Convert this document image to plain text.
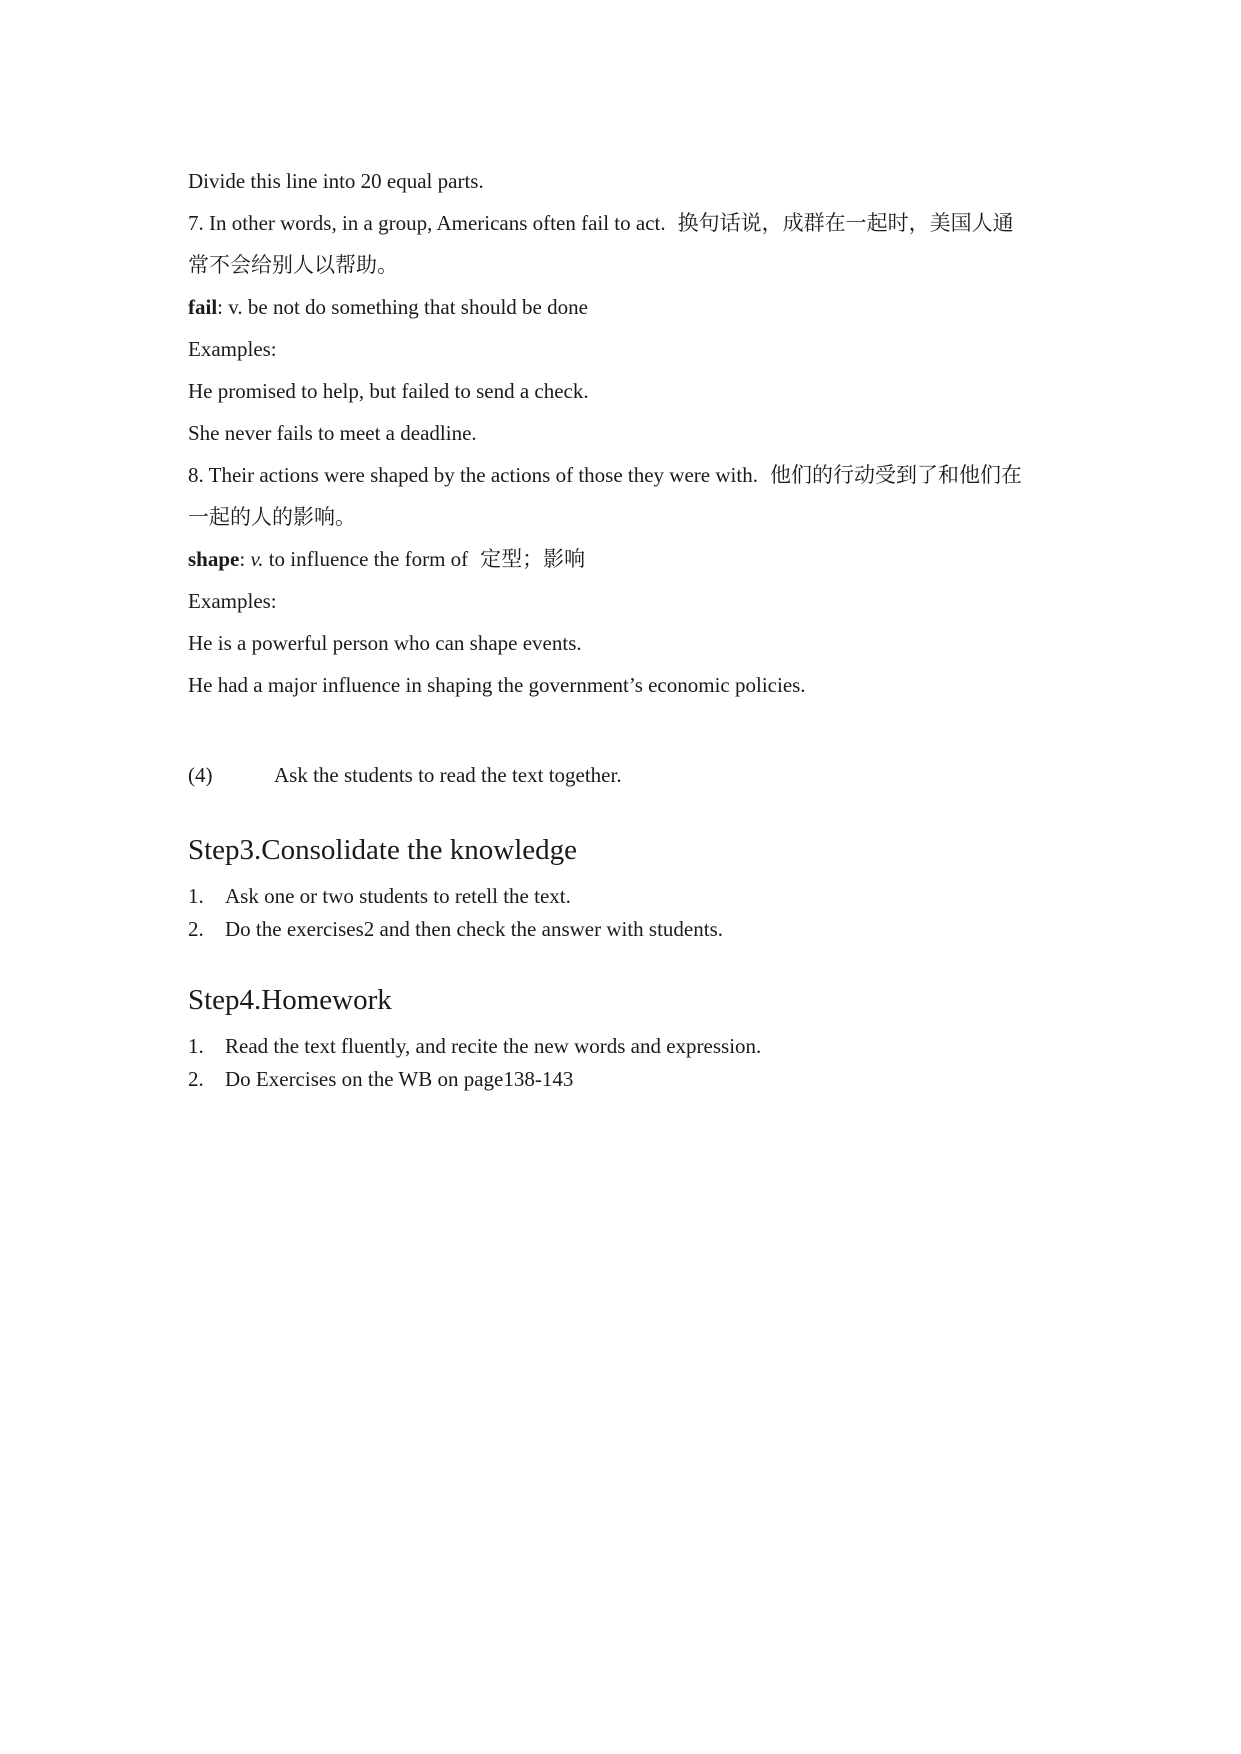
Divide this line into 20 equal parts.

7. In other words, in a group, Americans often fail to act. 换句话说，成群在一起时，美国人通

常不会给别人以帮助。

fail: v. be not do something that should be done

Examples:

He promised to help, but failed to send a check.

She never fails to meet a deadline.

8. Their actions were shaped by the actions of those they were with. 他们的行动受到了和他们在

一起的人的影响。

shape: v. to influence the form of 定型；影响

Examples:

He is a powerful person who can shape events.

He had a major influence in shaping the government’s economic policies.

(4)	Ask the students to read the text together.
Step3.Consolidate the knowledge
1.	Ask one or two students to retell the text.
2.	Do the exercises2 and then check the answer with students.
Step4.Homework
1.	Read the text fluently, and recite the new words and expression.
2.	Do Exercises on the WB on page138-143
